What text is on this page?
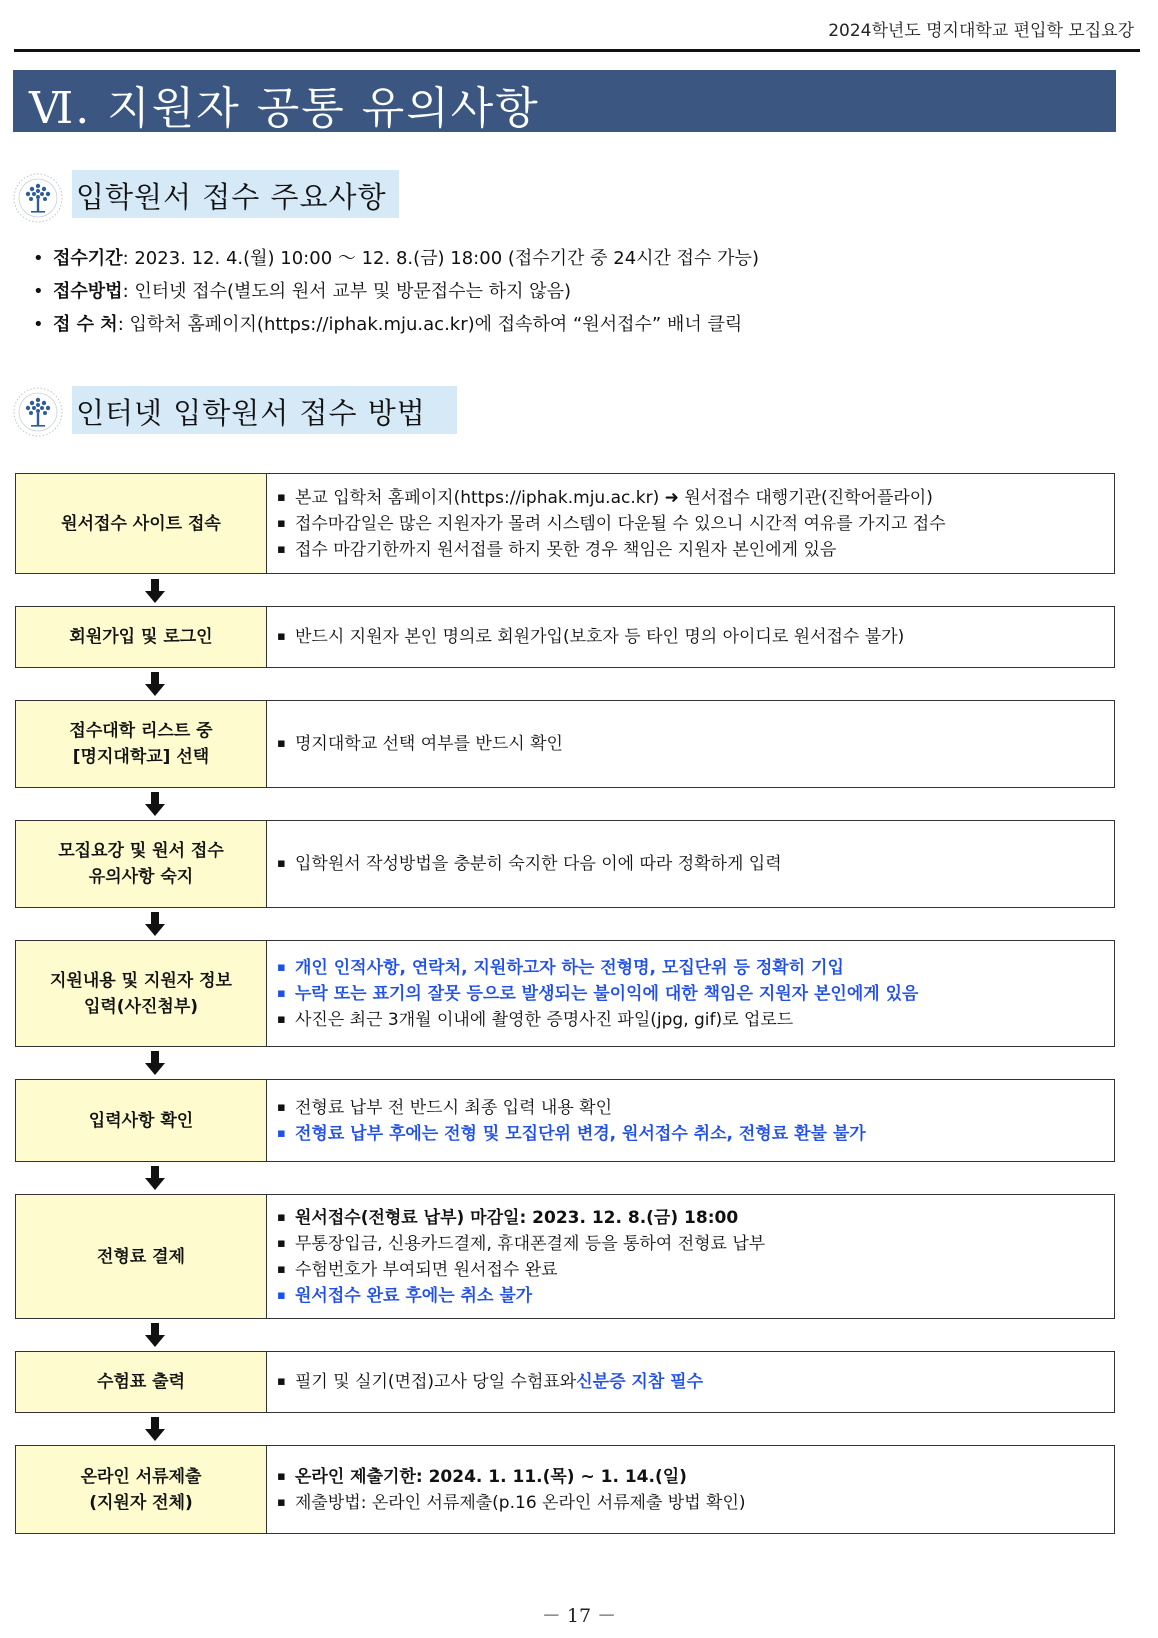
2024학년도 명지대학교 편입학 모집요강
Ⅵ. 지원자 공통 유의사항
입학원서 접수 주요사항
• 접수기간 : 2023. 12. 4.(월) 10:00 ～ 12. 8.(금) 18:00 (접수기간 중 24시간 접수 가능)
• 접수방법 : 인터넷 접수(별도의 원서 교부 및 방문접수는 하지 않음)
• 접 수 처 : 입학처 홈페이지(https://iphak.mju.ac.kr)에 접속하여 “원서접수” 배너 클릭
인터넷 입학원서 접수 방법
원서접수 사이트 접속
▪ 본교 입학처 홈페이지(https://iphak.mju.ac.kr) ➜ 원서접수 대행기관(진학어플라이)
▪ 접수마감일은 많은 지원자가 몰려 시스템이 다운될 수 있으니 시간적 여유를 가지고 접수
▪ 접수 마감기한까지 원서접를 하지 못한 경우 책임은 지원자 본인에게 있음
회원가입 및 로그인	▪ 반드시 지원자 본인 명의로 회원가입(보호자 등 타인 명의 아이디로 원서접수 불가)
접수대학 리스트 중
[명지대학교] 선택
▪ 명지대학교 선택 여부를 반드시 확인
모집요강 및 원서 접수
유의사항 숙지
▪ 입학원서 작성방법을 충분히 숙지한 다음 이에 따라 정확하게 입력
지원내용 및 지원자 정보
입력(사진첨부)
▪ 개인 인적사항, 연락처, 지원하고자 하는 전형명, 모집단위 등 정확히 기입
▪ 누락 또는 표기의 잘못 등으로 발생되는 불이익에 대한 책임은 지원자 본인에게 있음
▪ 사진은 최근 3개월 이내에 촬영한 증명사진 파일(jpg, gif)로 업로드
입력사항 확인
▪ 전형료 납부 전 반드시 최종 입력 내용 확인
▪ 전형료 납부 후에는 전형 및 모집단위 변경, 원서접수 취소, 전형료 환불 불가
전형료 결제
▪ 원서접수(전형료 납부) 마감일: 2023. 12. 8.(금) 18:00
▪ 무통장입금, 신용카드결제, 휴대폰결제 등을 통하여 전형료 납부
▪ 수험번호가 부여되면 원서접수 완료
▪ 원서접수 완료 후에는 취소 불가
수험표 출력	▪ 필기 및 실기(면접)고사 당일 수험표와 신분증 지참 필수
온라인 서류제출
(지원자 전체)
▪ 온라인 제출기한: 2024. 1. 11.(목) ~ 1. 14.(일)
▪ 제출방법: 온라인 서류제출(p.16 온라인 서류제출 방법 확인)
－ 17 －
